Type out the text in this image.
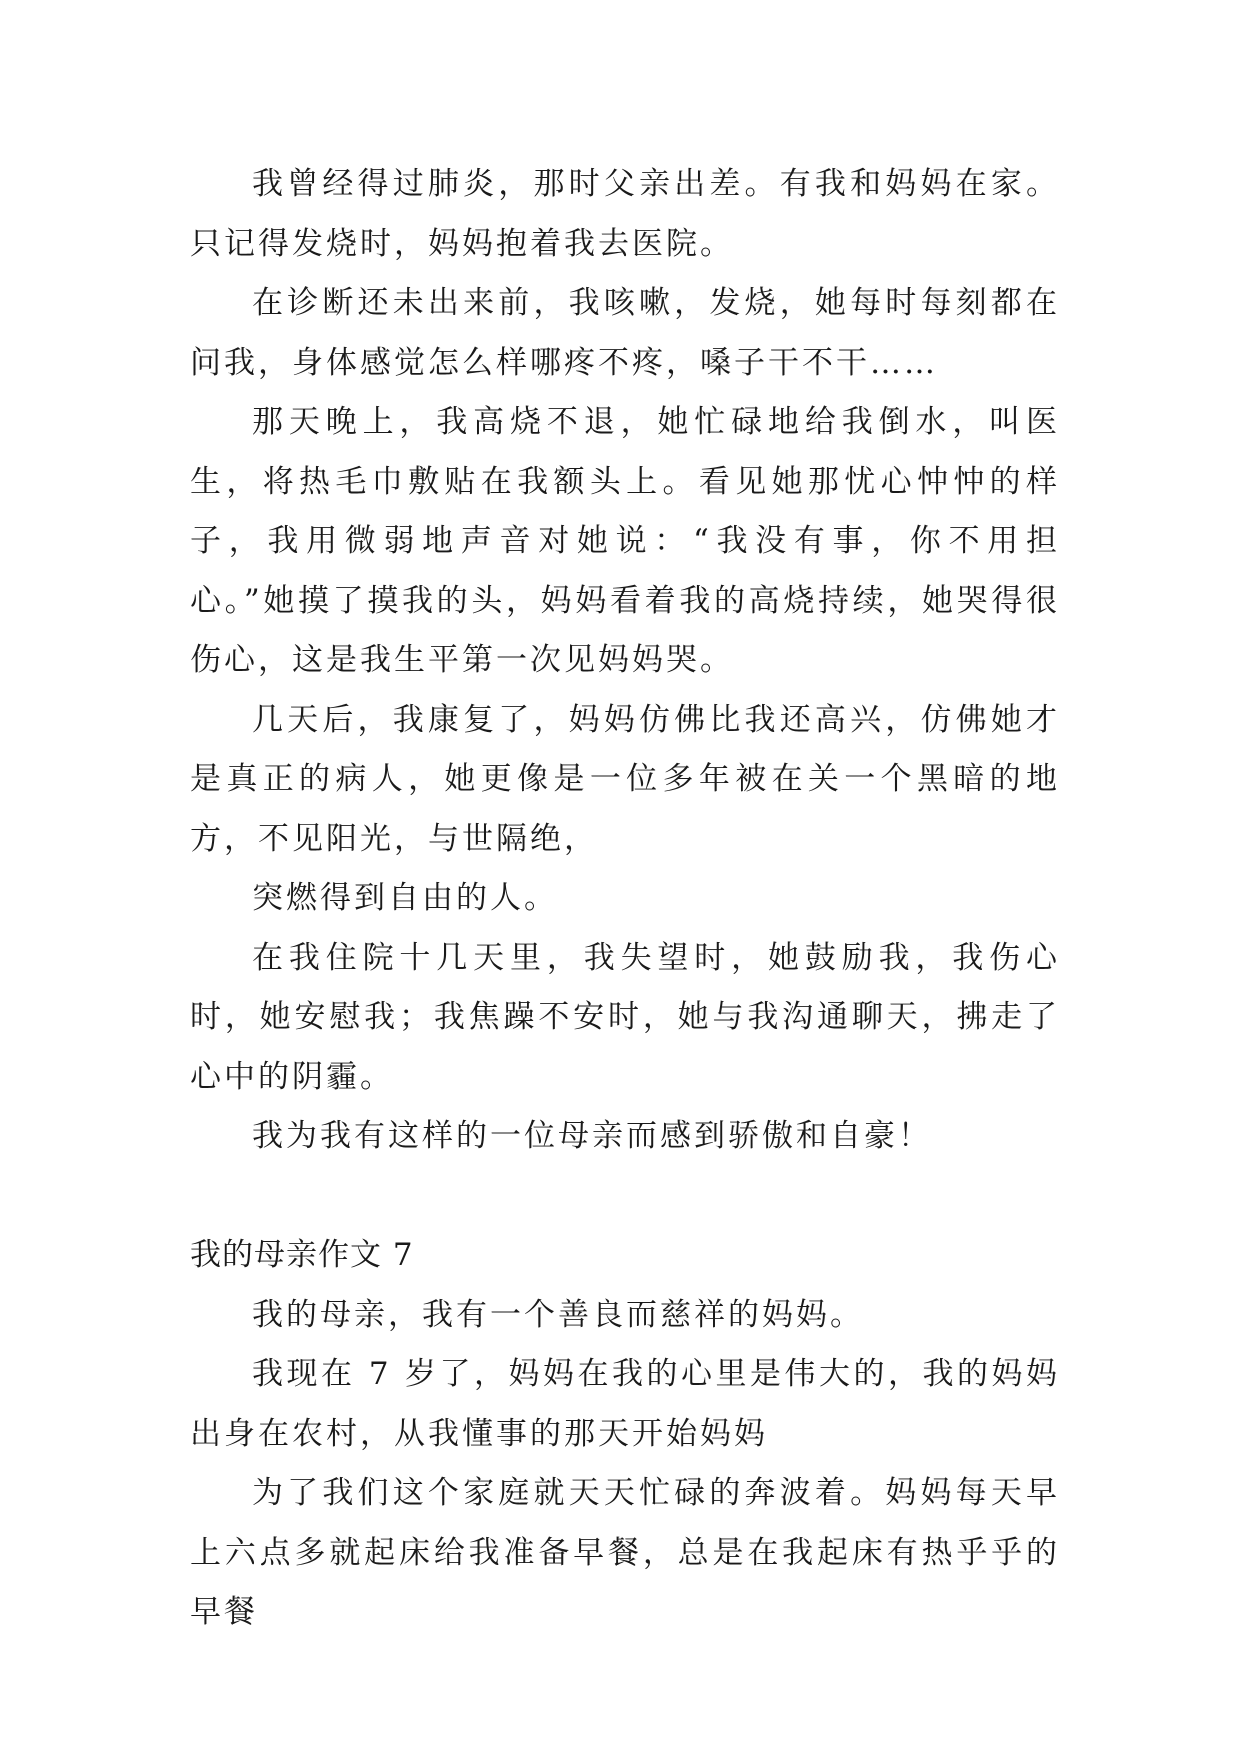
我曾经得过肺炎，那时父亲出差。有我和妈妈在家。只记得发烧时，妈妈抱着我去医院。

在诊断还未出来前，我咳嗽，发烧，她每时每刻都在问我，身体感觉怎么样哪疼不疼，嗓子干不干……

那天晚上，我高烧不退，她忙碌地给我倒水，叫医生，将热毛巾敷贴在我额头上。看见她那忧心忡忡的样子，我用微弱地声音对她说：“我没有事，你不用担心。”她摸了摸我的头，妈妈看着我的高烧持续，她哭得很伤心，这是我生平第一次见妈妈哭。

几天后，我康复了，妈妈仿佛比我还高兴，仿佛她才是真正的病人，她更像是一位多年被在关一个黑暗的地方，不见阳光，与世隔绝，

突燃得到自由的人。

在我住院十几天里，我失望时，她鼓励我，我伤心时，她安慰我；我焦躁不安时，她与我沟通聊天，拂走了心中的阴霾。

我为我有这样的一位母亲而感到骄傲和自豪！

我的母亲作文 7

我的母亲，我有一个善良而慈祥的妈妈。

我现在 7 岁了，妈妈在我的心里是伟大的，我的妈妈出身在农村，从我懂事的那天开始妈妈

为了我们这个家庭就天天忙碌的奔波着。妈妈每天早上六点多就起床给我准备早餐，总是在我起床有热乎乎的早餐
